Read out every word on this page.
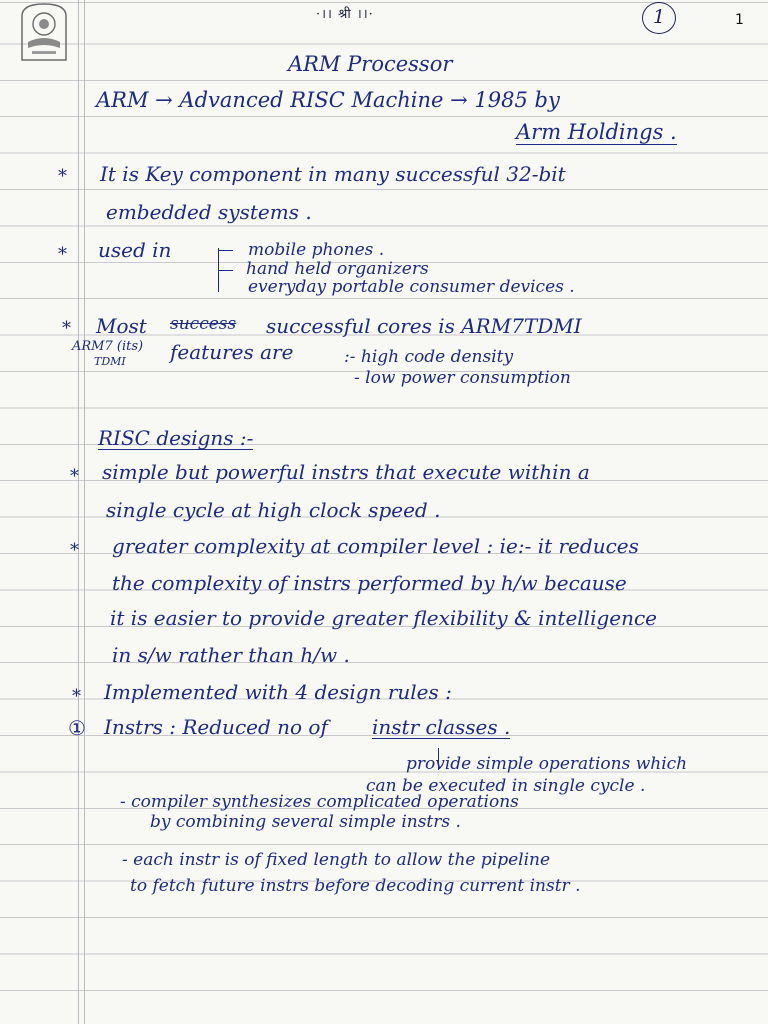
·।। श्री ।।·	1	1
ARM Processor
ARM → Advanced RISC Machine → 1985 by
Arm Holdings .
* It is Key component in many successful 32-bit
embedded systems .
* used in	mobile phones .
hand held organizers
everyday portable consumer devices .
* Most success successful cores is ARM7TDMI
ARM7 (its)
TDMI features are	:- high code density
- low power consumption
RISC designs :-
* simple but powerful instrs that execute within a
single cycle at high clock speed .
* greater complexity at compiler level : ie:- it reduces
the complexity of instrs performed by h/w because
it is easier to provide greater flexibility & intelligence
in s/w rather than h/w .
* Implemented with 4 design rules :
① Instrs : Reduced no of instr classes .
provide simple operations which
can be executed in single cycle .
- compiler synthesizes complicated operations
by combining several simple instrs .
- each instr is of fixed length to allow the pipeline
to fetch future instrs before decoding current instr .
